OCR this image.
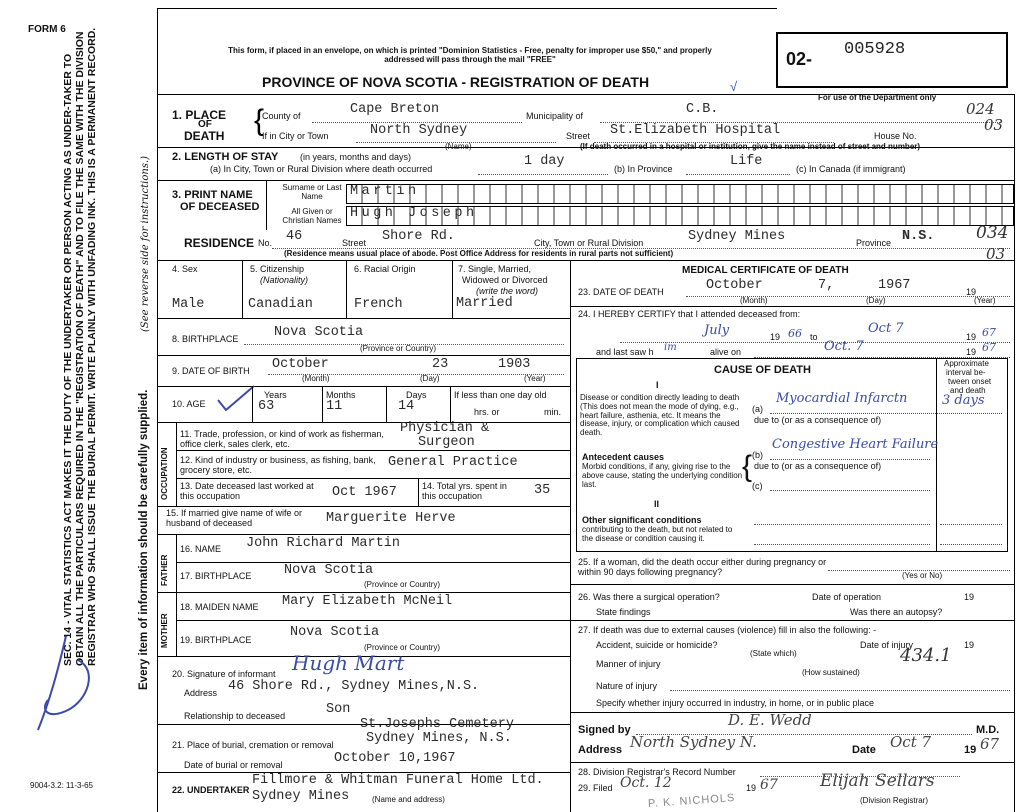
FORM 6
This form, if placed in an envelope, on which is printed "Dominion Statistics - Free, penalty for improper use $50," and properly addressed will pass through the mail "FREE"
PROVINCE OF NOVA SCOTIA - REGISTRATION OF DEATH	√
02- 005928
For use of the Department only
024
03
SEC. 14 - VITAL STATISTICS ACT MAKES IT THE DUTY OF THE UNDERTAKER OR PERSON ACTING AS UNDER-TAKER TO OBTAIN ALL THE PARTICULARS REQUIRED IN THE "REGISTRATION OF DEATH" AND TO FILE THE SAME WITH THE DIVISION REGISTRAR WHO SHALL ISSUE THE BURIAL PERMIT. WRITE PLAINLY WITH UNFADING INK. THIS IS A PERMANENT RECORD.	Every item of information should be carefully supplied.
(See reverse side for instructions.)
9004-3.2: 11-3-65
1. PLACE
OF
DEATH {
County of	Cape Breton	Municipality of	C.B.
If in City or Town	North Sydney	Street St.Elizabeth Hospital	House No.
(Name)	(If death occurred in a hospital or institution, give the name instead of street and number)
2. LENGTH OF STAY (in years, months and days)
(a) In City, Town or Rural Division where death occurred	1 day	(b) In Province	Life	(c) In Canada (if immigrant)
3. PRINT NAME
OF DECEASED
Surname or Last Name
All Given or Christian Names
Martin
Hugh Joseph
RESIDENCE No. 46	Street Shore Rd.	City, Town or Rural Division	Sydney Mines	Province N.S.
(Residence means usual place of abode. Post Office Address for residents in rural parts not sufficient)
034
03
4. Sex
Male
5. Citizenship
(Nationality)
Canadian
6. Racial Origin
French
7. Single, Married,
Widowed or Divorced
(write the word)
Married
8. BIRTHPLACE	Nova Scotia
(Province or Country)
9. DATE OF BIRTH October	23	1903
(Month)	(Day)	(Year)
10. AGE
Years
63
Months
11
Days
14
If less than one day old
hrs. or	min.
OCCUPATION
11. Trade, profession, or kind of work as fisherman, office clerk, sales clerk, etc.
Physician &
Surgeon
12. Kind of industry or business, as fishing, bank, grocery store, etc.	General Practice
13. Date deceased last worked at this occupation	Oct 1967	14. Total yrs. spent in this occupation	35
15. If married give name of wife or husband of deceased	Marguerite Herve
FATHER
16. NAME John Richard Martin
17. BIRTHPLACE Nova Scotia
(Province or Country)
MOTHER
18. MAIDEN NAME Mary Elizabeth McNeil
19. BIRTHPLACE	Nova Scotia
(Province or Country)
20. Signature of informant Hugh Mart
Address 46 Shore Rd., Sydney Mines,N.S.
Relationship to deceased	Son
21. Place of burial, cremation or removal
St.Josephs Cemetery
Sydney Mines, N.S.
Date of burial or removal	October 10,1967
22. UNDERTAKER
Fillmore & Whitman Funeral Home Ltd.
Sydney Mines	(Name and address)
MEDICAL CERTIFICATE OF DEATH
23. DATE OF DEATH	October	7,	1967	19
(Month)	(Day)	(Year)
24. I HEREBY CERTIFY that I attended deceased from:
July	66
19	to
Oct 7
19 67
and last saw h im	alive on	Oct. 7	19 67
CAUSE OF DEATH
Approximate
interval be-
tween onset
and death
I
Disease or condition directly leading to death (This does not mean the mode of dying, e.g., heart failure, asthenia, etc. It means the disease, injury, or complication which caused death.
(a)
Myocardial Infarctn	3 days
due to (or as a consequence of)
Antecedent causes
Morbid conditions, if any, giving rise to the above cause, stating the underlying condition last.
{ (b)
Congestive Heart Failure
due to (or as a consequence of)
(c)
II
Other significant conditions
contributing to the death, but not related to the disease or condition causing it.
25. If a woman, did the death occur either during pregnancy or within 90 days following pregnancy?	(Yes or No)
26. Was there a surgical operation?	Date of operation	19
State findings	Was there an autopsy?
27. If death was due to external causes (violence) fill in also the following: -
Accident, suicide or homicide?	Date of injury	19
(State which)	434.1
Manner of injury
(How sustained)
Nature of injury
Specify whether injury occurred in industry, in home, or in public place
Signed by
D. E. Wedd
M.D.
Address North Sydney N.	Date Oct 7	19 67
28. Division Registrar's Record Number
29. Filed Oct. 12	19 67 Elijah Sellars
(Division Registrar)
P. K. NICHOLS
